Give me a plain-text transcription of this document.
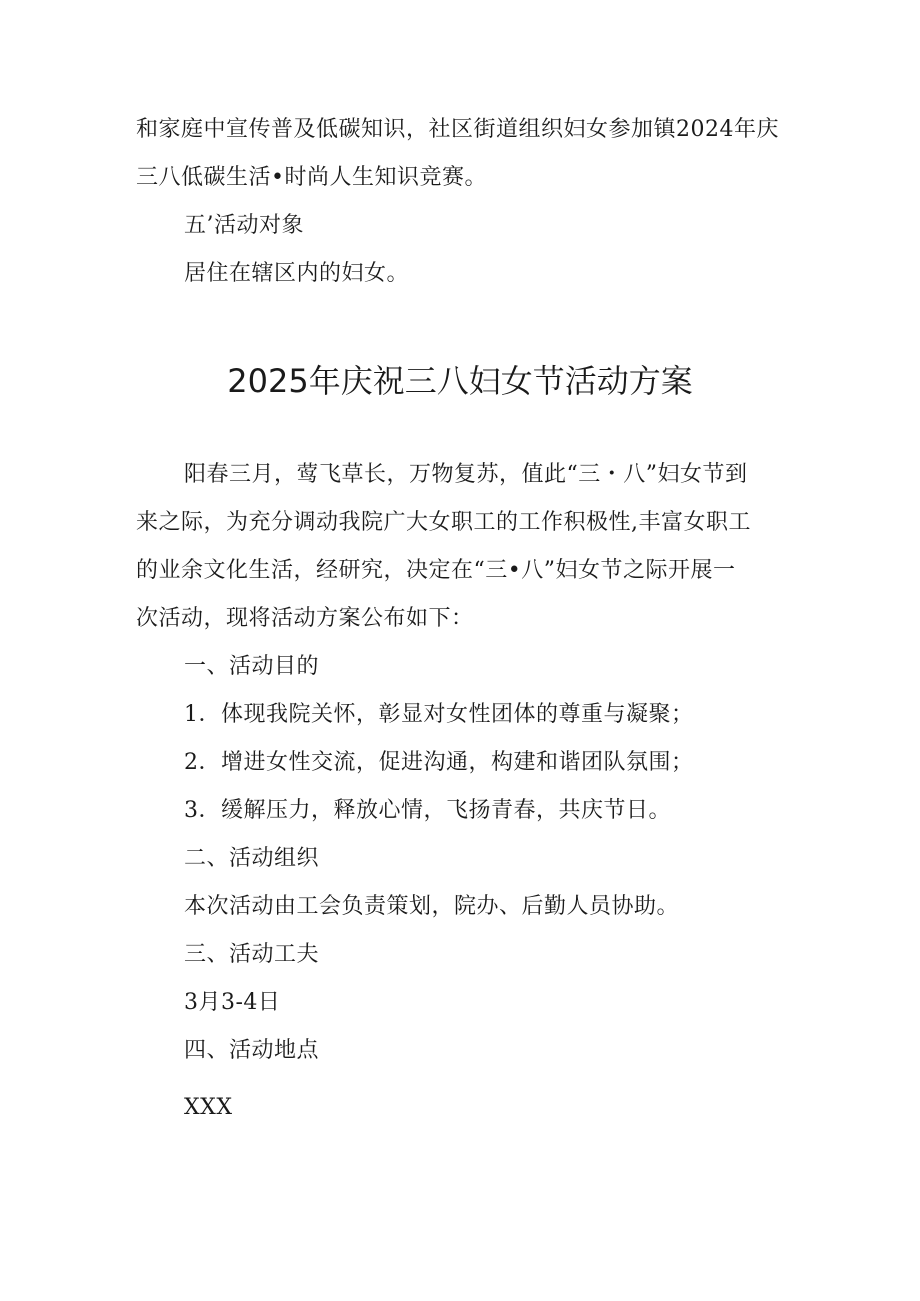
和家庭中宣传普及低碳知识，社区街道组织妇女参加镇2024年庆
三八低碳生活•时尚人生知识竞赛。
五’活动对象
居住在辖区内的妇女。
2025年庆祝三八妇女节活动方案
阳春三月，莺飞草长，万物复苏，值此“三・八”妇女节到
来之际，为充分调动我院广大女职工的工作积极性,丰富女职工
的业余文化生活，经研究，决定在“三•八”妇女节之际开展一
次活动，现将活动方案公布如下：
一、活动目的
1．体现我院关怀，彰显对女性团体的尊重与凝聚；
2．增进女性交流，促进沟通，构建和谐团队氛围；
3．缓解压力，释放心情，飞扬青春，共庆节日。
二、活动组织
本次活动由工会负责策划，院办、后勤人员协助。
三、活动工夫
3月3-4日
四、活动地点
XXX
